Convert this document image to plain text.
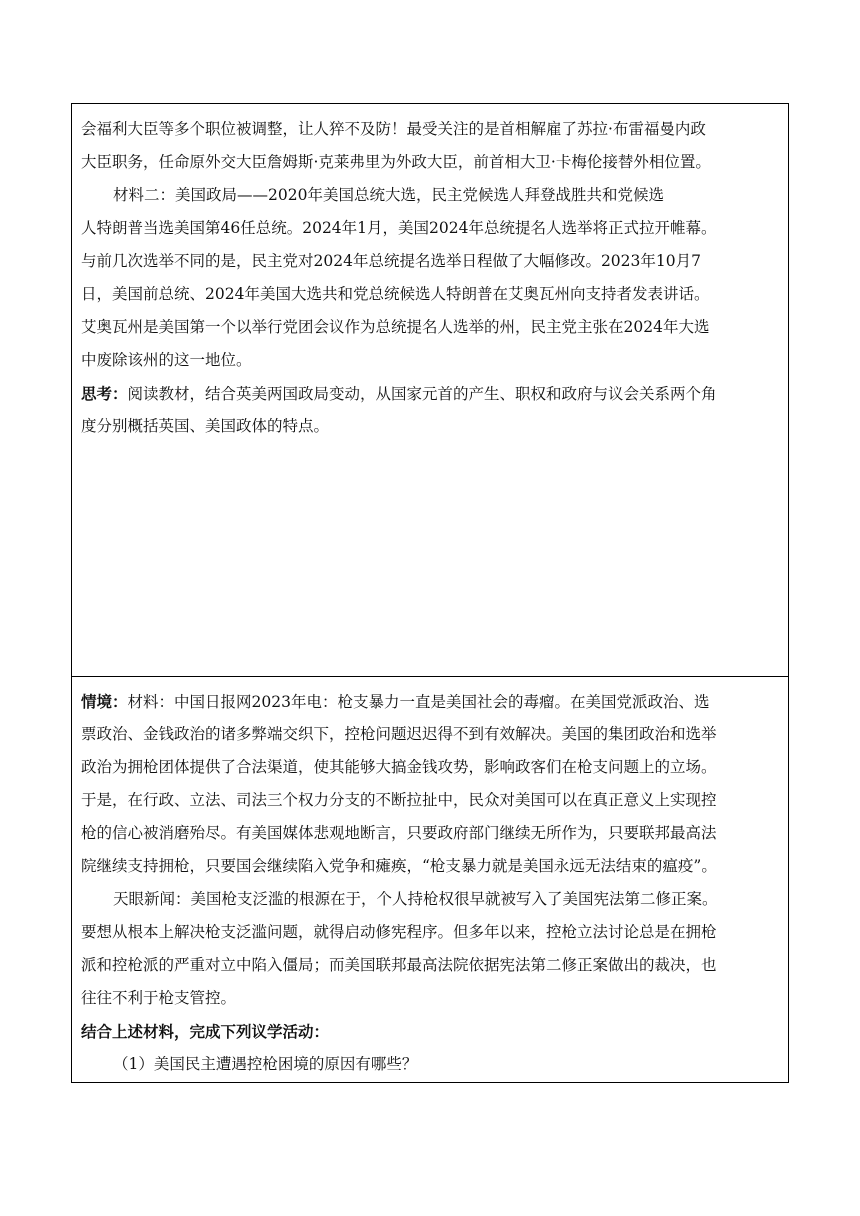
会福利大臣等多个职位被调整，让人猝不及防！最受关注的是首相解雇了苏拉·布雷福曼内政
大臣职务，任命原外交大臣詹姆斯·克莱弗里为外政大臣，前首相大卫·卡梅伦接替外相位置。
材料二：美国政局——2020年美国总统大选，民主党候选人拜登战胜共和党候选
人特朗普当选美国第46任总统。2024年1月，美国2024年总统提名人选举将正式拉开帷幕。
与前几次选举不同的是，民主党对2024年总统提名选举日程做了大幅修改。2023年10月7
日，美国前总统、2024年美国大选共和党总统候选人特朗普在艾奥瓦州向支持者发表讲话。
艾奥瓦州是美国第一个以举行党团会议作为总统提名人选举的州，民主党主张在2024年大选
中废除该州的这一地位。
思考：阅读教材，结合英美两国政局变动，从国家元首的产生、职权和政府与议会关系两个角
度分别概括英国、美国政体的特点。
情境：材料：中国日报网2023年电：枪支暴力一直是美国社会的毒瘤。在美国党派政治、选
票政治、金钱政治的诸多弊端交织下，控枪问题迟迟得不到有效解决。美国的集团政治和选举
政治为拥枪团体提供了合法渠道，使其能够大搞金钱攻势，影响政客们在枪支问题上的立场。
于是，在行政、立法、司法三个权力分支的不断拉扯中，民众对美国可以在真正意义上实现控
枪的信心被消磨殆尽。有美国媒体悲观地断言，只要政府部门继续无所作为，只要联邦最高法
院继续支持拥枪，只要国会继续陷入党争和瘫痪，“枪支暴力就是美国永远无法结束的瘟疫”。
天眼新闻：美国枪支泛滥的根源在于，个人持枪权很早就被写入了美国宪法第二修正案。
要想从根本上解决枪支泛滥问题，就得启动修宪程序。但多年以来，控枪立法讨论总是在拥枪
派和控枪派的严重对立中陷入僵局；而美国联邦最高法院依据宪法第二修正案做出的裁决，也
往往不利于枪支管控。
结合上述材料，完成下列议学活动：
（1）美国民主遭遇控枪困境的原因有哪些？
